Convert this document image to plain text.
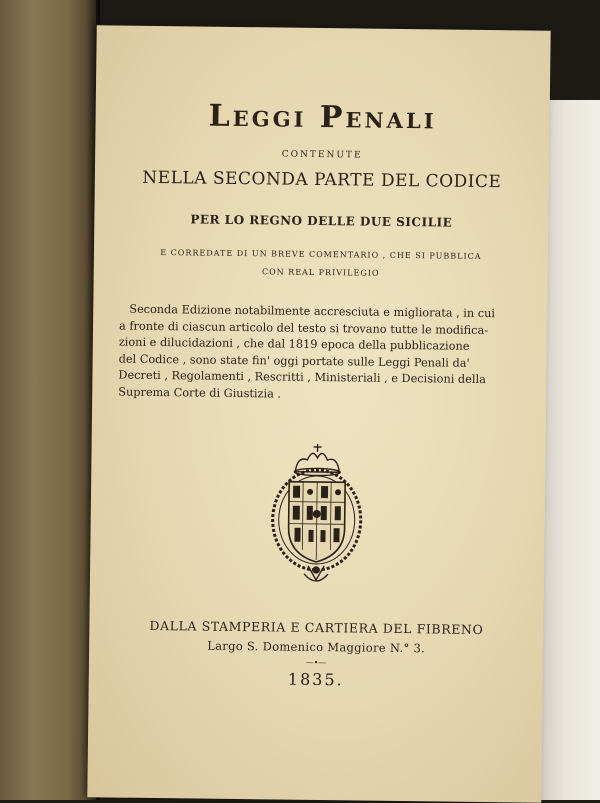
Leggi Penali
CONTENUTE
NELLA SECONDA PARTE DEL CODICE
PER LO REGNO DELLE DUE SICILIE
E CORREDATE DI UN BREVE COMENTARIO , CHE SI PUBBLICA
CON REAL PRIVILEGIO
Seconda Edizione notabilmente accresciuta e migliorata , in cui
a fronte di ciascun articolo del testo si trovano tutte le modifica-
zioni e dilucidazioni , che dal 1819 epoca della pubblicazione
del Codice , sono state fin' oggi portate sulle Leggi Penali da'
Decreti , Regolamenti , Rescritti , Ministeriali , e Decisioni della
Suprema Corte di Giustizia .
DALLA STAMPERIA E CARTIERA DEL FIBRENO
Largo S. Domenico Maggiore N.° 3.
—•—
1835.
